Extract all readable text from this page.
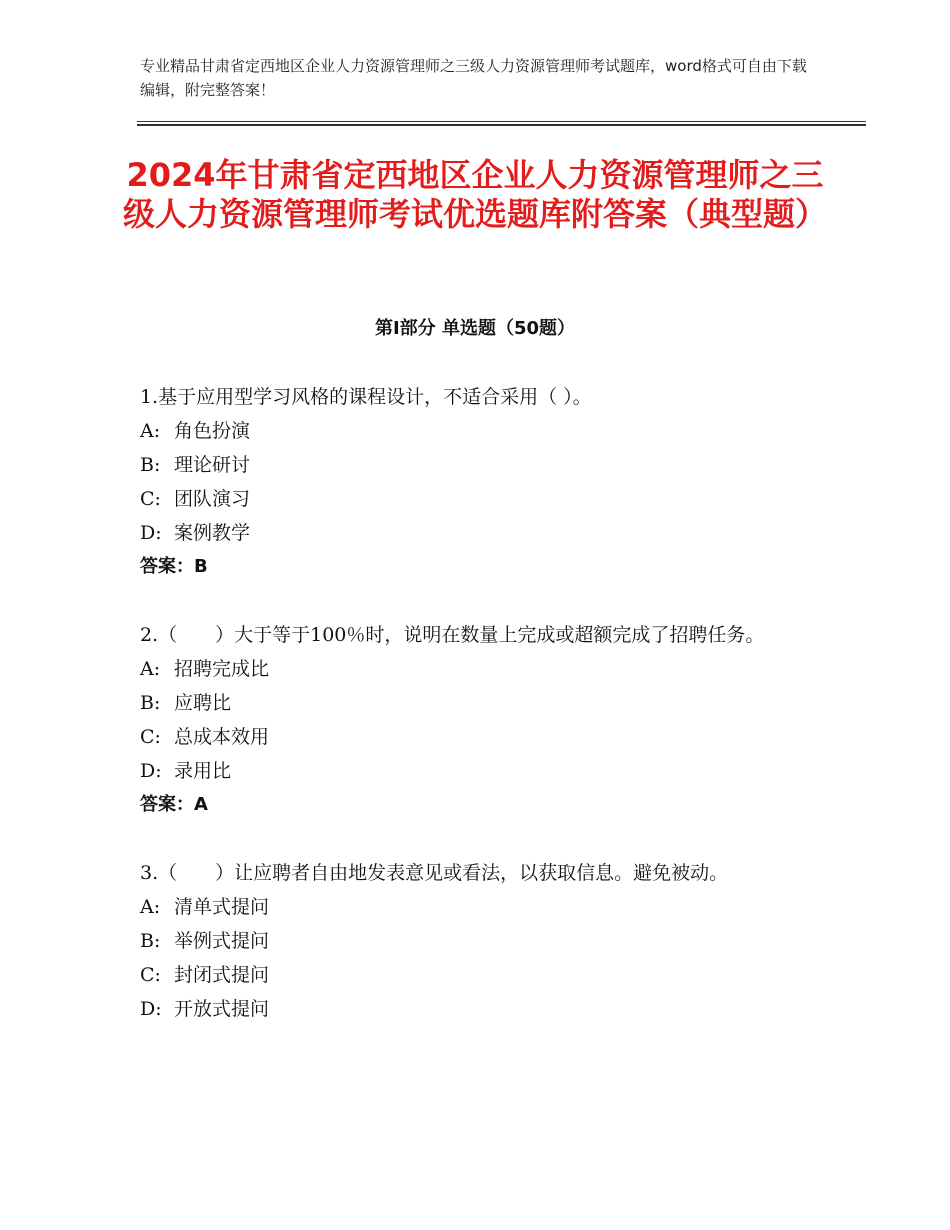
专业精品甘肃省定西地区企业人力资源管理师之三级人力资源管理师考试题库，word格式可自由下载编辑，附完整答案！
2024年甘肃省定西地区企业人力资源管理师之三级人力资源管理师考试优选题库附答案（典型题）
第Ⅰ部分 单选题（50题）
1.基于应用型学习风格的课程设计，不适合采用（ ）。
A: 角色扮演
B: 理论研讨
C: 团队演习
D: 案例教学
答案：B
2.（　　）大于等于100％时，说明在数量上完成或超额完成了招聘任务。
A: 招聘完成比
B: 应聘比
C: 总成本效用
D: 录用比
答案：A
3.（　　）让应聘者自由地发表意见或看法，以获取信息。避免被动。
A: 清单式提问
B: 举例式提问
C: 封闭式提问
D: 开放式提问
